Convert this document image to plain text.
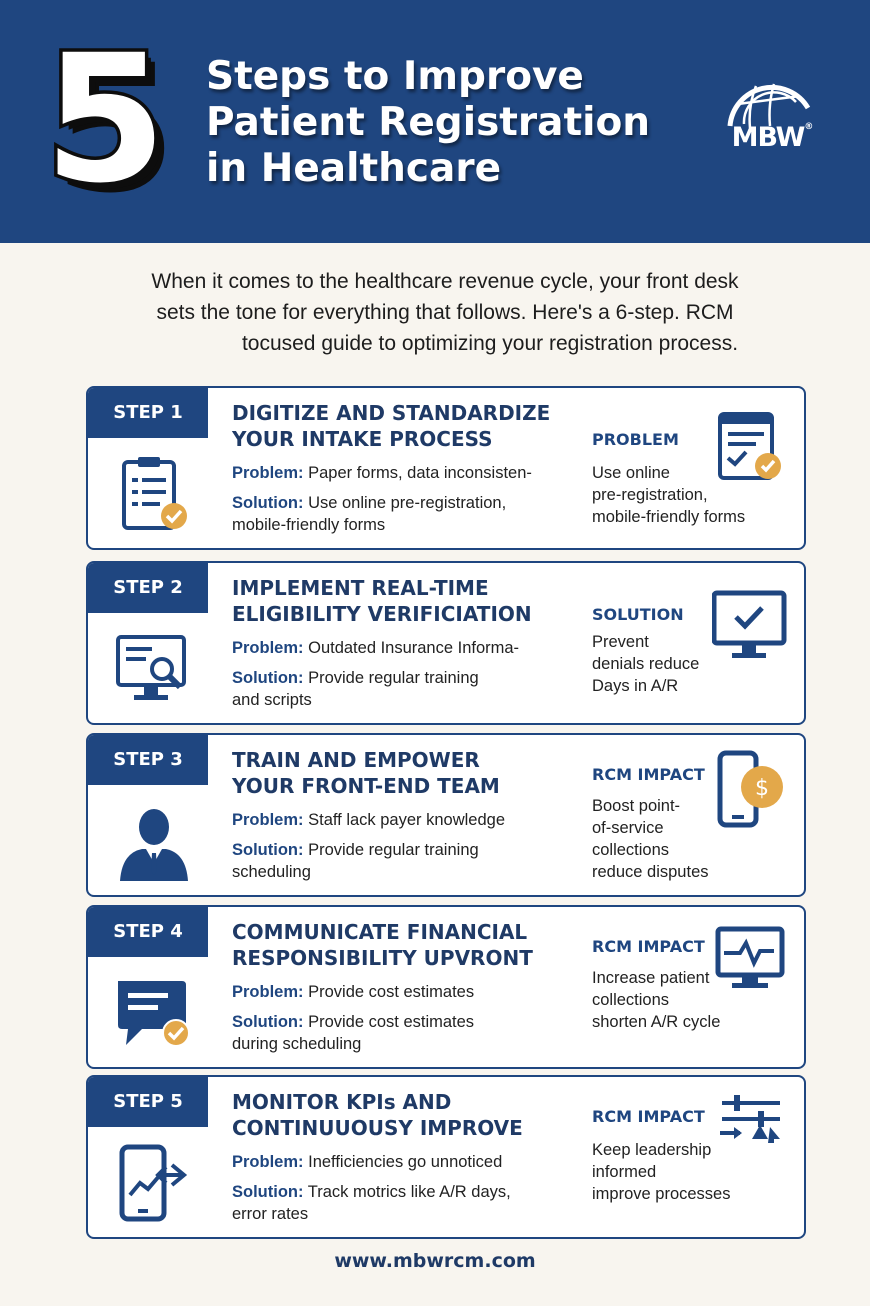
5 Steps to Improve
Patient Registration
in Healthcare
MBW®
When it comes to the healthcare revenue cycle, your front desk
sets the tone for everything that follows. Here's a 6-step. RCM
tocused guide to optimizing your registration process.
STEP 1	DIGITIZE AND STANDARDIZE
YOUR INTAKE PROCESS
Problem: Paper forms, data inconsisten-
Solution: Use online pre-registration,
mobile-friendly forms
PROBLEM
Use online
pre-registration,
mobile-friendly forms
STEP 2	IMPLEMENT REAL-TIME
ELIGIBILITY VERIFICIATION
Problem: Outdated Insurance Informa-
Solution: Provide regular training
and scripts
SOLUTION
Prevent
denials reduce
Days in A/R
STEP 3	TRAIN AND EMPOWER
YOUR FRONT-END TEAM
Problem: Staff lack payer knowledge
Solution: Provide regular training
scheduling
RCM IMPACT
Boost point-
of-service
collections
reduce disputes
$
STEP 4	COMMUNICATE FINANCIAL
RESPONSIBILITY UPVRONT
Problem: Provide cost estimates
Solution: Provide cost estimates
during scheduling
RCM IMPACT
Increase patient
collections
shorten A/R cycle
STEP 5	MONITOR KPIs AND
CONTINUUOUSY IMPROVE
Problem: Inefficiencies go unnoticed
Solution: Track motrics like A/R days,
error rates
RCM IMPACT
Keep leadership
informed
improve processes
www.mbwrcm.com
